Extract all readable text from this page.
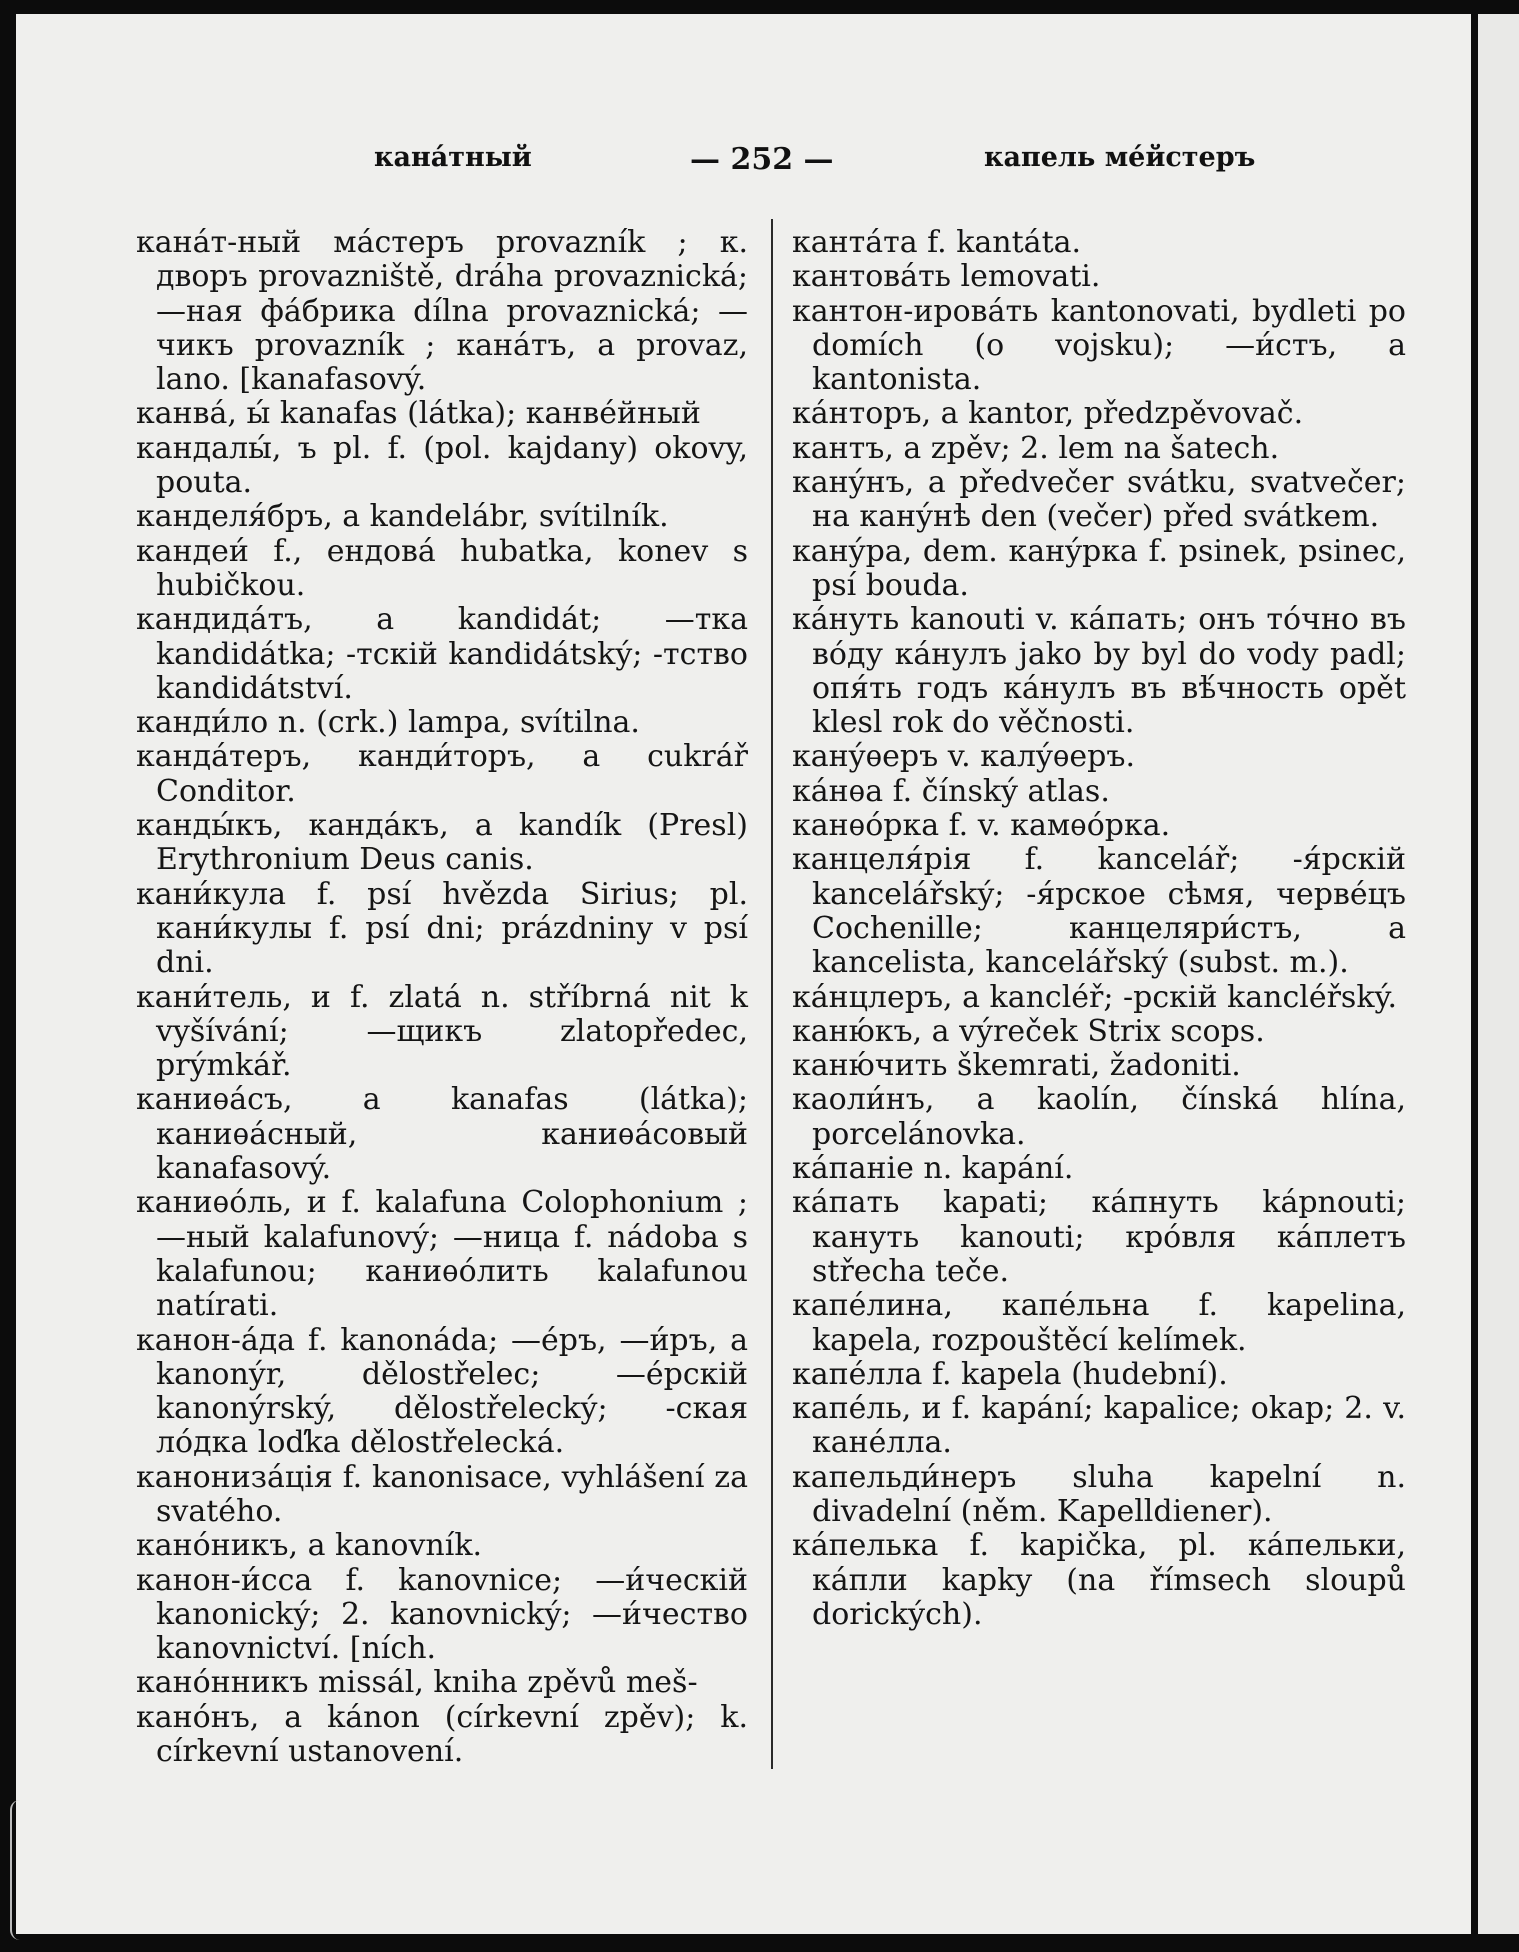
канáтный	— 252 —	капель мéйстеръ

канáт-ный мáстеръ provazník ; к. дворъ provazniště, dráha provaznická; —ная фáбрика dílna provaznická; —чикъ provazník ; канáтъ, a provaz, lano. [kanafasový.

канвá, ы́ kanafas (látka); канвéйный

кандалы́, ъ pl. f. (pol. kajdany) okovy, pouta.

канделя́бръ, a kandelábr, svítilník.

кандеи́ f., ендовá hubatka, konev s hubičkou.

кандидáтъ, a kandidát; —тка kandidátka; -тскій kandidátský; -тство kandidátství.

канди́ло n. (crk.) lampa, svítilna.

кандáтеръ, канди́торъ, a cukrář Conditor.

канды́къ, кандáкъ, a kandík (Presl) Erythronium Deus canis.

кани́кула f. psí hvězda Sirius; pl. кани́кулы f. psí dni; prázdniny v psí dni.

кани́тель, и f. zlatá n. stříbrná nit k vyšívání; —щикъ zlatopředec, prýmkář.

каниѳáсъ, a kanafas (látka); каниѳáсный, каниѳáсовый kanafasový.

каниѳóль, и f. kalafuna Colophonium ; —ный kalafunový; —ница f. nádoba s kalafunou; каниѳóлить kalafunou natírati.

канон-áда f. kanonáda; —éръ, —и́ръ, a kanonýr, dělostřelec; —éрскій kanonýrský, dělostřelecký; -ская лóдка loďka dělostřelecká.

канонизáція f. kanonisace, vyhlášení za svatého.

канóникъ, a kanovník.

канон-и́сса f. kanovnice; —и́ческій kanonický; 2. kanovnický; —и́чество kanovnictví. [ních.

канóнникъ missál, kniha zpěvů meš-

канóнъ, a kánon (církevní zpěv); k. církevní ustanovení.

кантáта f. kantáta.

кантовáть lemovati.

кантон-ировáть kantonovati, bydleti po domích (o vojsku); —и́стъ, a kantonista.

кáнторъ, a kantor, předzpěvovač.

кантъ, a zpěv; 2. lem na šatech.

канýнъ, a předvečer svátku, svatvečer; на канýнѣ den (večer) před svátkem.

канýра, dem. канýрка f. psinek, psinec, psí bouda.

кáнуть kanouti v. кáпать; онъ тóчно въ вóду кáнулъ jako by byl do vody padl; опя́ть годъ кáнулъ въ вѣ́чность opět klesl rok do věčnosti.

канýѳеръ v. калýѳеръ.

кáнѳа f. čínský atlas.

канѳóрка f. v. камѳóрка.

канцеля́рія f. kancelář; -я́рскій kancelářský; -я́рское сѣмя, червéцъ Cochenille; канцеляри́стъ, a kancelista, kancelářský (subst. m.).

кáнцлеръ, a kancléř; -рскій kancléřský.

каню́къ, a výreček Strix scops.

каню́чить škemrati, žadoniti.

каоли́нъ, a kaolín, čínská hlína, porcelánovka.

кáпаніе n. kapání.

кáпать kapati; кáпнуть kápnouti; кануть kanouti; крóвля кáплетъ střecha teče.

капéлина, капéльна f. kapelina, kapela, rozpouštěcí kelímek.

капéлла f. kapela (hudební).

капéль, и f. kapání; kapalice; okap; 2. v. канéлла.

капельди́неръ sluha kapelní n. divadelní (něm. Kapelldiener).

кáпелька f. kapička, pl. кáпельки, кáпли kapky (na římsech sloupů dorických).
